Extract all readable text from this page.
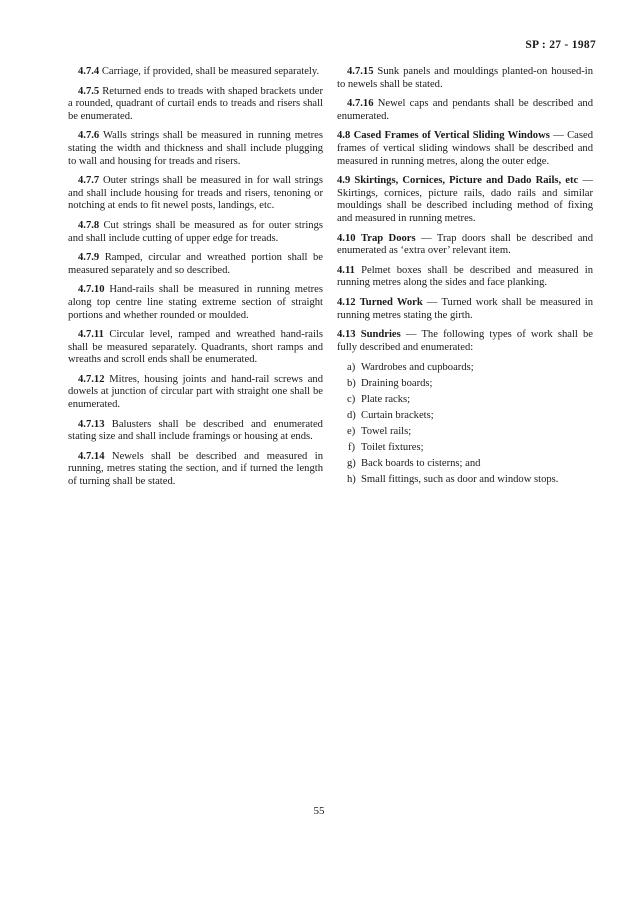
SP : 27 - 1987

4.7.4 Carriage, if provided, shall be measured separately.

4.7.5 Returned ends to treads with shaped brackets under a rounded, quadrant of curtail ends to treads and risers shall be enumerated.

4.7.6 Walls strings shall be measured in running metres stating the width and thickness and shall include plugging to wall and housing for treads and risers.

4.7.7 Outer strings shall be measured in for wall strings and shall include housing for treads and risers, tenoning or notching at ends to fit newel posts, landings, etc.

4.7.8 Cut strings shall be measured as for outer strings and shall include cutting of upper edge for treads.

4.7.9 Ramped, circular and wreathed portion shall be measured separately and so described.

4.7.10 Hand-rails shall be measured in running metres along top centre line stating extreme section of straight portions and whether rounded or moulded.

4.7.11 Circular level, ramped and wreathed hand-rails shall be measured separately. Quadrants, short ramps and wreaths and scroll ends shall be enumerated.

4.7.12 Mitres, housing joints and hand-rail screws and dowels at junction of circular part with straight one shall be enumerated.

4.7.13 Balusters shall be described and enumerated stating size and shall include framings or housing at ends.

4.7.14 Newels shall be described and measured in running, metres stating the section, and if turned the length of turning shall be stated.

4.7.15 Sunk panels and mouldings planted-on housed-in to newels shall be stated.

4.7.16 Newel caps and pendants shall be described and enumerated.

4.8 Cased Frames of Vertical Sliding Windows — Cased frames of vertical sliding windows shall be described and measured in running metres, along the outer edge.

4.9 Skirtings, Cornices, Picture and Dado Rails, etc — Skirtings, cornices, picture rails, dado rails and similar mouldings shall be described including method of fixing and measured in running metres.

4.10 Trap Doors — Trap doors shall be described and enumerated as ‘extra over’ relevant item.

4.11 Pelmet boxes shall be described and measured in running metres along the sides and face planking.

4.12 Turned Work — Turned work shall be measured in running metres stating the girth.

4.13 Sundries — The following types of work shall be fully described and enumerated:

a) Wardrobes and cupboards;
b) Draining boards;
c) Plate racks;
d) Curtain brackets;
e) Towel rails;
f) Toilet fixtures;
g) Back boards to cisterns; and
h) Small fittings, such as door and window stops.
55
